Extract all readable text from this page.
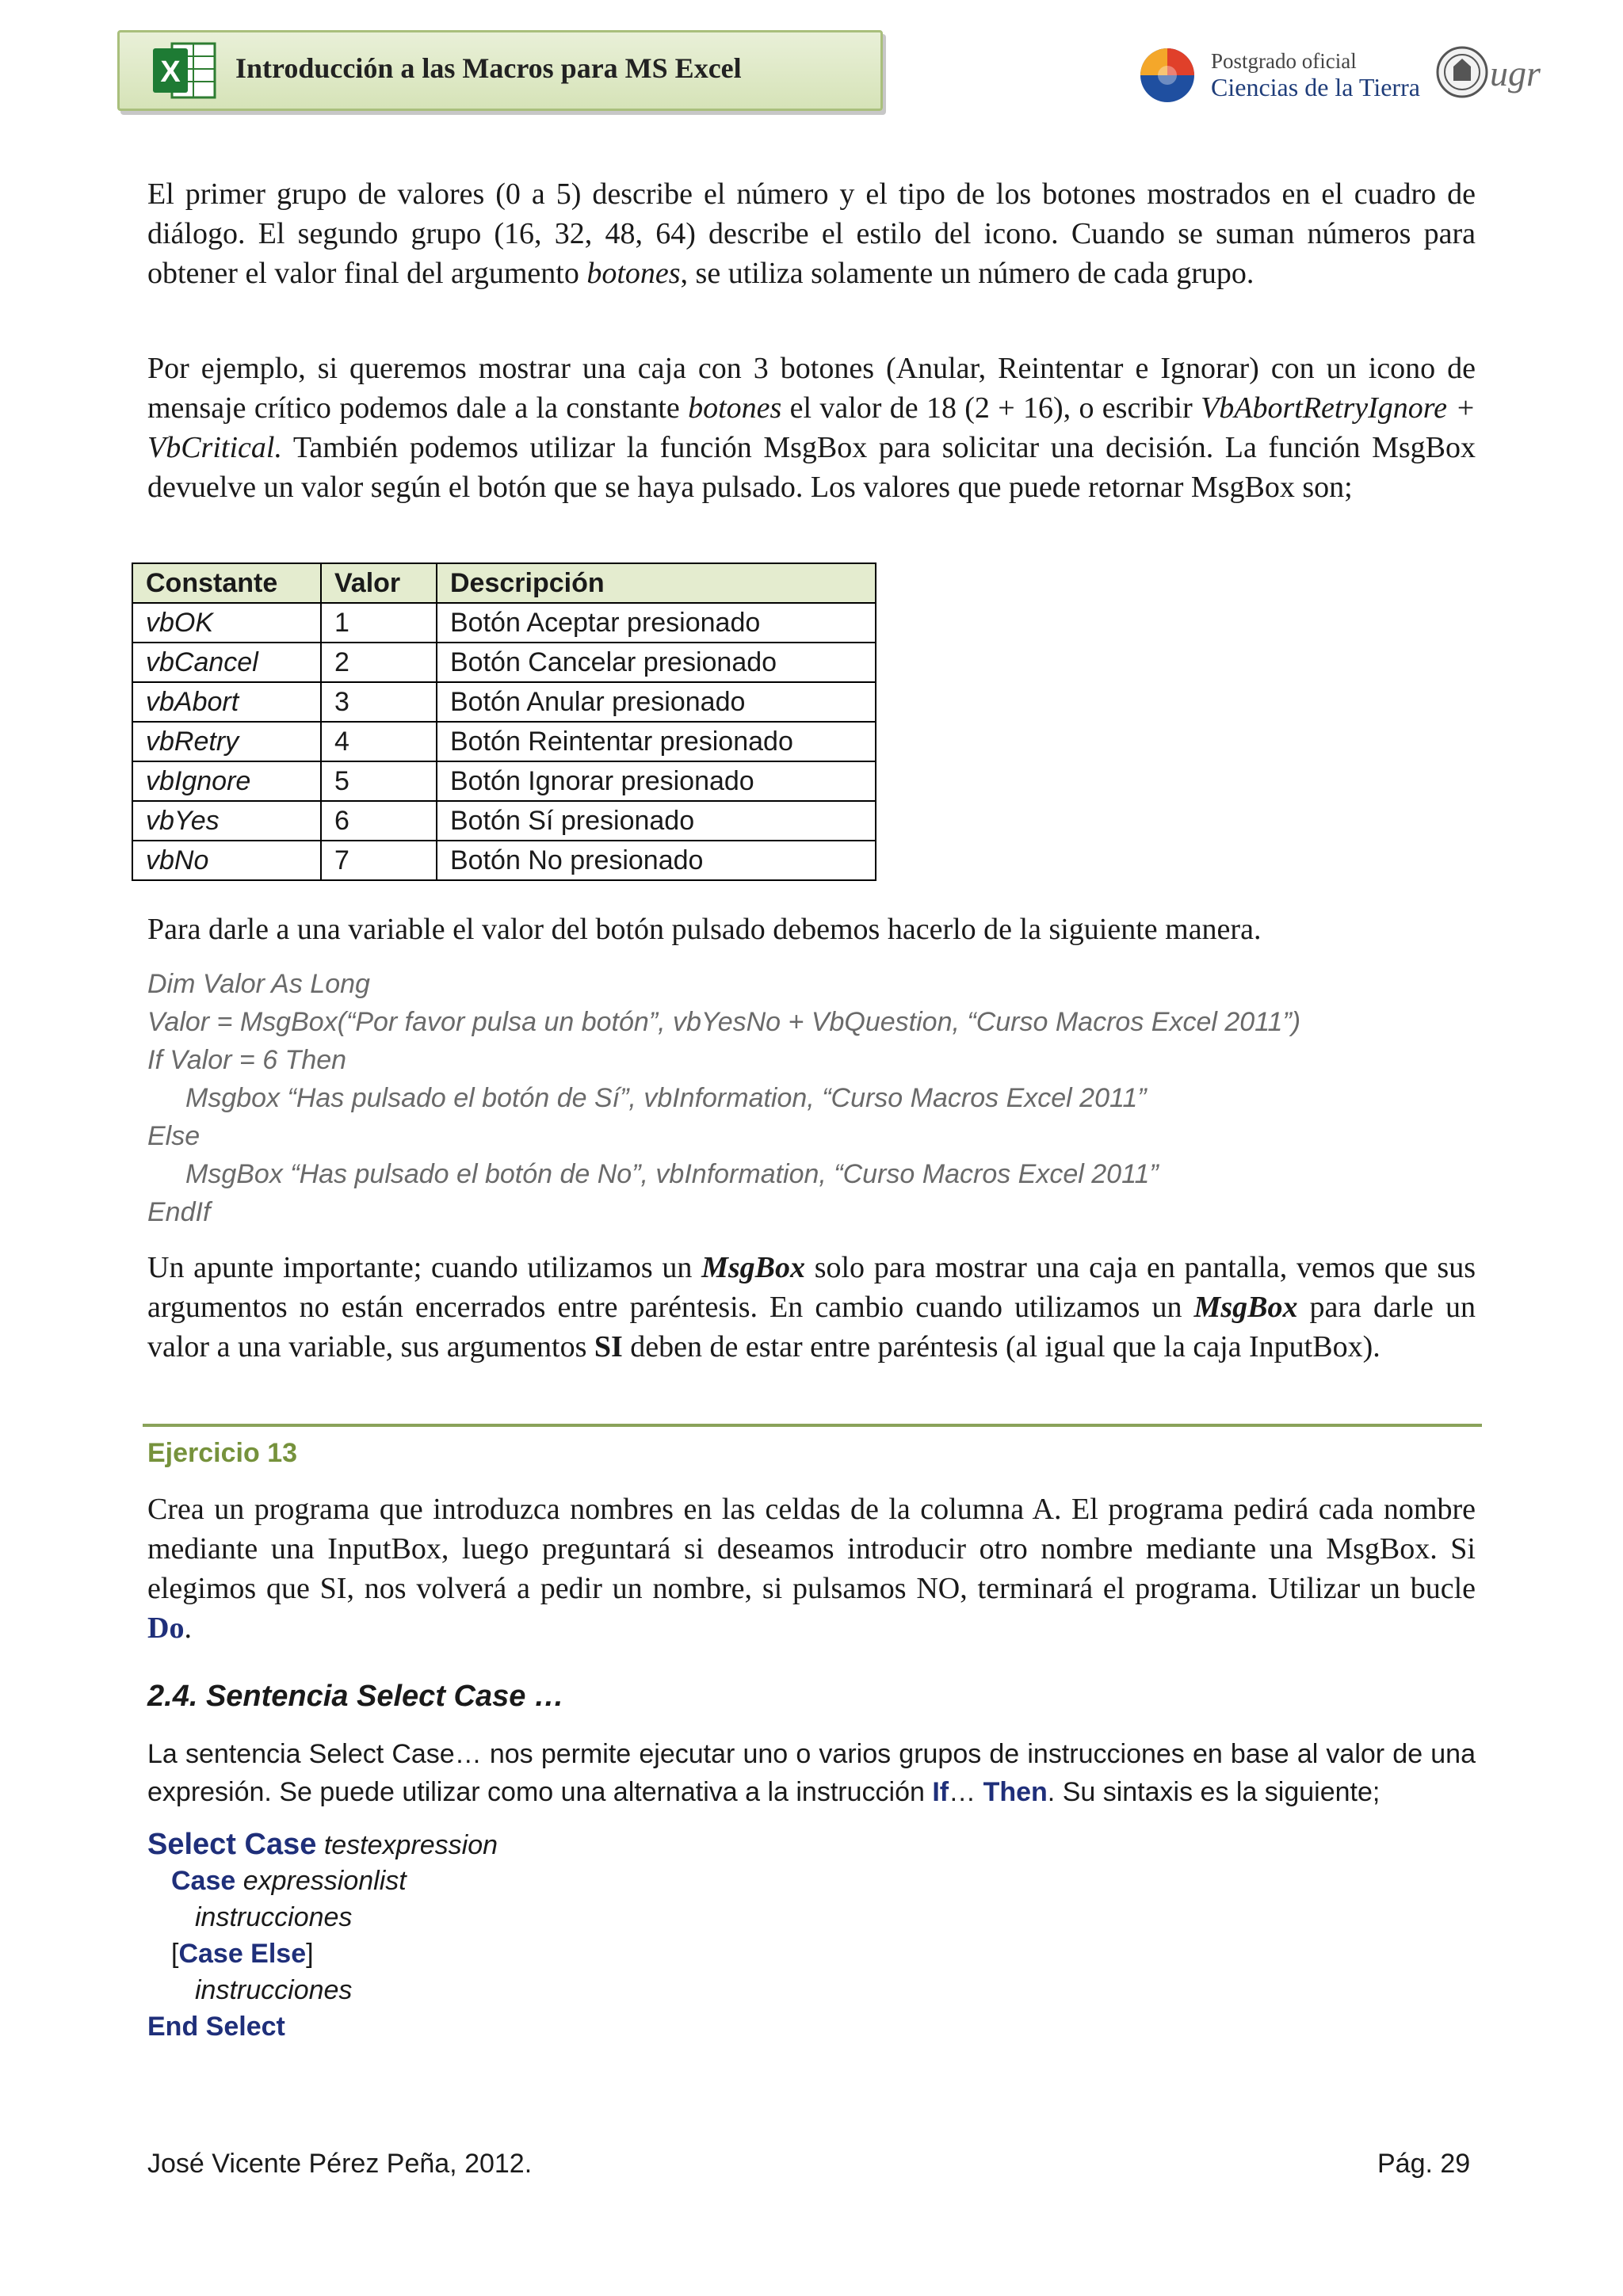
X Introducción a las Macros para MS Excel	Postgrado oficial
Ciencias de la Tierra ugr

El primer grupo de valores (0 a 5) describe el número y el tipo de los botones mostrados en el cuadro de diálogo. El segundo grupo (16, 32, 48, 64) describe el estilo del icono. Cuando se suman números para obtener el valor final del argumento botones, se utiliza solamente un número de cada grupo.

Por ejemplo, si queremos mostrar una caja con 3 botones (Anular, Reintentar e Ignorar) con un icono de mensaje crítico podemos dale a la constante botones el valor de 18 (2 + 16), o escribir VbAbortRetryIgnore + VbCritical. También podemos utilizar la función MsgBox para solicitar una decisión. La función MsgBox devuelve un valor según el botón que se haya pulsado. Los valores que puede retornar MsgBox son;

Constante	Valor	Descripción
vbOK	1	Botón Aceptar presionado
vbCancel	2	Botón Cancelar presionado
vbAbort	3	Botón Anular presionado
vbRetry	4	Botón Reintentar presionado
vbIgnore	5	Botón Ignorar presionado
vbYes	6	Botón Sí presionado
vbNo	7	Botón No presionado

Para darle a una variable el valor del botón pulsado debemos hacerlo de la siguiente manera.

Dim Valor As Long
Valor = MsgBox(“Por favor pulsa un botón”, vbYesNo + VbQuestion, “Curso Macros Excel 2011”)
If Valor = 6 Then
Msgbox “Has pulsado el botón de Sí”, vbInformation, “Curso Macros Excel 2011”
Else
MsgBox “Has pulsado el botón de No”, vbInformation, “Curso Macros Excel 2011”
EndIf

Un apunte importante; cuando utilizamos un MsgBox solo para mostrar una caja en pantalla, vemos que sus argumentos no están encerrados entre paréntesis. En cambio cuando utilizamos un MsgBox para darle un valor a una variable, sus argumentos SI deben de estar entre paréntesis (al igual que la caja InputBox).

Ejercicio 13

Crea un programa que introduzca nombres en las celdas de la columna A. El programa pedirá cada nombre mediante una InputBox, luego preguntará si deseamos introducir otro nombre mediante una MsgBox. Si elegimos que SI, nos volverá a pedir un nombre, si pulsamos NO, terminará el programa. Utilizar un bucle Do.

2.4. Sentencia Select Case …

La sentencia Select Case… nos permite ejecutar uno o varios grupos de instrucciones en base al valor de una expresión. Se puede utilizar como una alternativa a la instrucción If… Then. Su sintaxis es la siguiente;

Select Case testexpression
Case expressionlist
instrucciones
[Case Else]
instrucciones
End Select
José Vicente Pérez Peña, 2012.	Pág. 29
